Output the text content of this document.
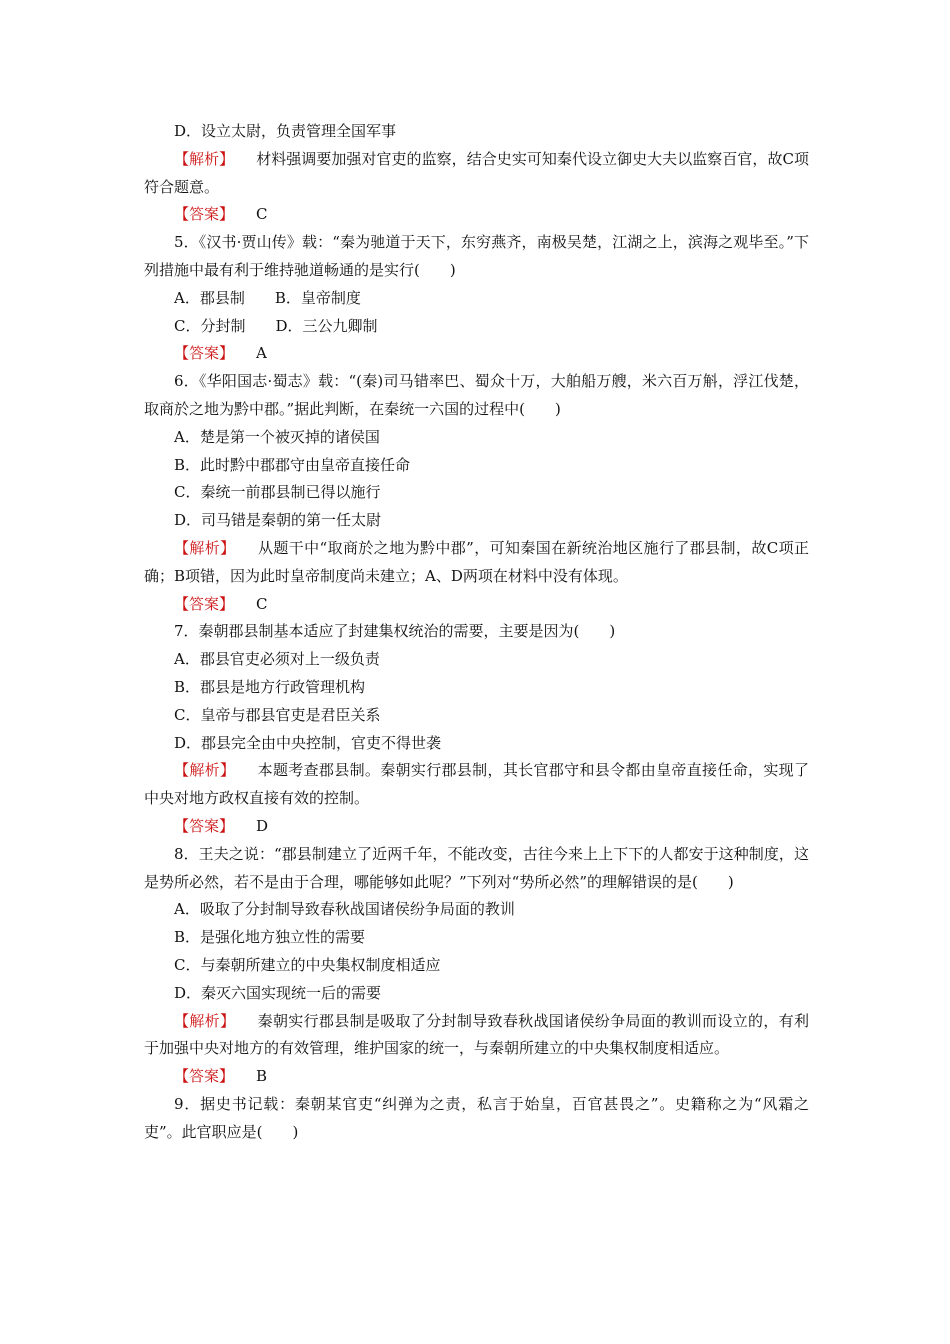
D．设立太尉，负责管理全国军事

【解析】 材料强调要加强对官吏的监察，结合史实可知秦代设立御史大夫以监察百官，故C项符合题意。

【答案】 C

5．《汉书·贾山传》载：“秦为驰道于天下，东穷燕齐，南极吴楚，江湖之上，滨海之观毕至。”下列措施中最有利于维持驰道畅通的是实行(　　)

A．郡县制　　B．皇帝制度

C．分封制　　D．三公九卿制

【答案】 A

6．《华阳国志·蜀志》载：“(秦)司马错率巴、蜀众十万，大舶船万艘，米六百万斛，浮江伐楚，取商於之地为黔中郡。”据此判断，在秦统一六国的过程中(　　)

A．楚是第一个被灭掉的诸侯国

B．此时黔中郡郡守由皇帝直接任命

C．秦统一前郡县制已得以施行

D．司马错是秦朝的第一任太尉

【解析】 从题干中“取商於之地为黔中郡”，可知秦国在新统治地区施行了郡县制，故C项正确；B项错，因为此时皇帝制度尚未建立；A、D两项在材料中没有体现。

【答案】 C

7．秦朝郡县制基本适应了封建集权统治的需要，主要是因为(　　)

A．郡县官吏必须对上一级负责

B．郡县是地方行政管理机构

C．皇帝与郡县官吏是君臣关系

D．郡县完全由中央控制，官吏不得世袭

【解析】 本题考查郡县制。秦朝实行郡县制，其长官郡守和县令都由皇帝直接任命，实现了中央对地方政权直接有效的控制。

【答案】 D

8．王夫之说：“郡县制建立了近两千年，不能改变，古往今来上上下下的人都安于这种制度，这是势所必然，若不是由于合理，哪能够如此呢？”下列对“势所必然”的理解错误的是(　　)

A．吸取了分封制导致春秋战国诸侯纷争局面的教训

B．是强化地方独立性的需要

C．与秦朝所建立的中央集权制度相适应

D．秦灭六国实现统一后的需要

【解析】 秦朝实行郡县制是吸取了分封制导致春秋战国诸侯纷争局面的教训而设立的，有利于加强中央对地方的有效管理，维护国家的统一，与秦朝所建立的中央集权制度相适应。

【答案】 B

9．据史书记载：秦朝某官吏“纠弹为之责，私言于始皇，百官甚畏之”。史籍称之为“风霜之吏”。此官职应是(　　)
